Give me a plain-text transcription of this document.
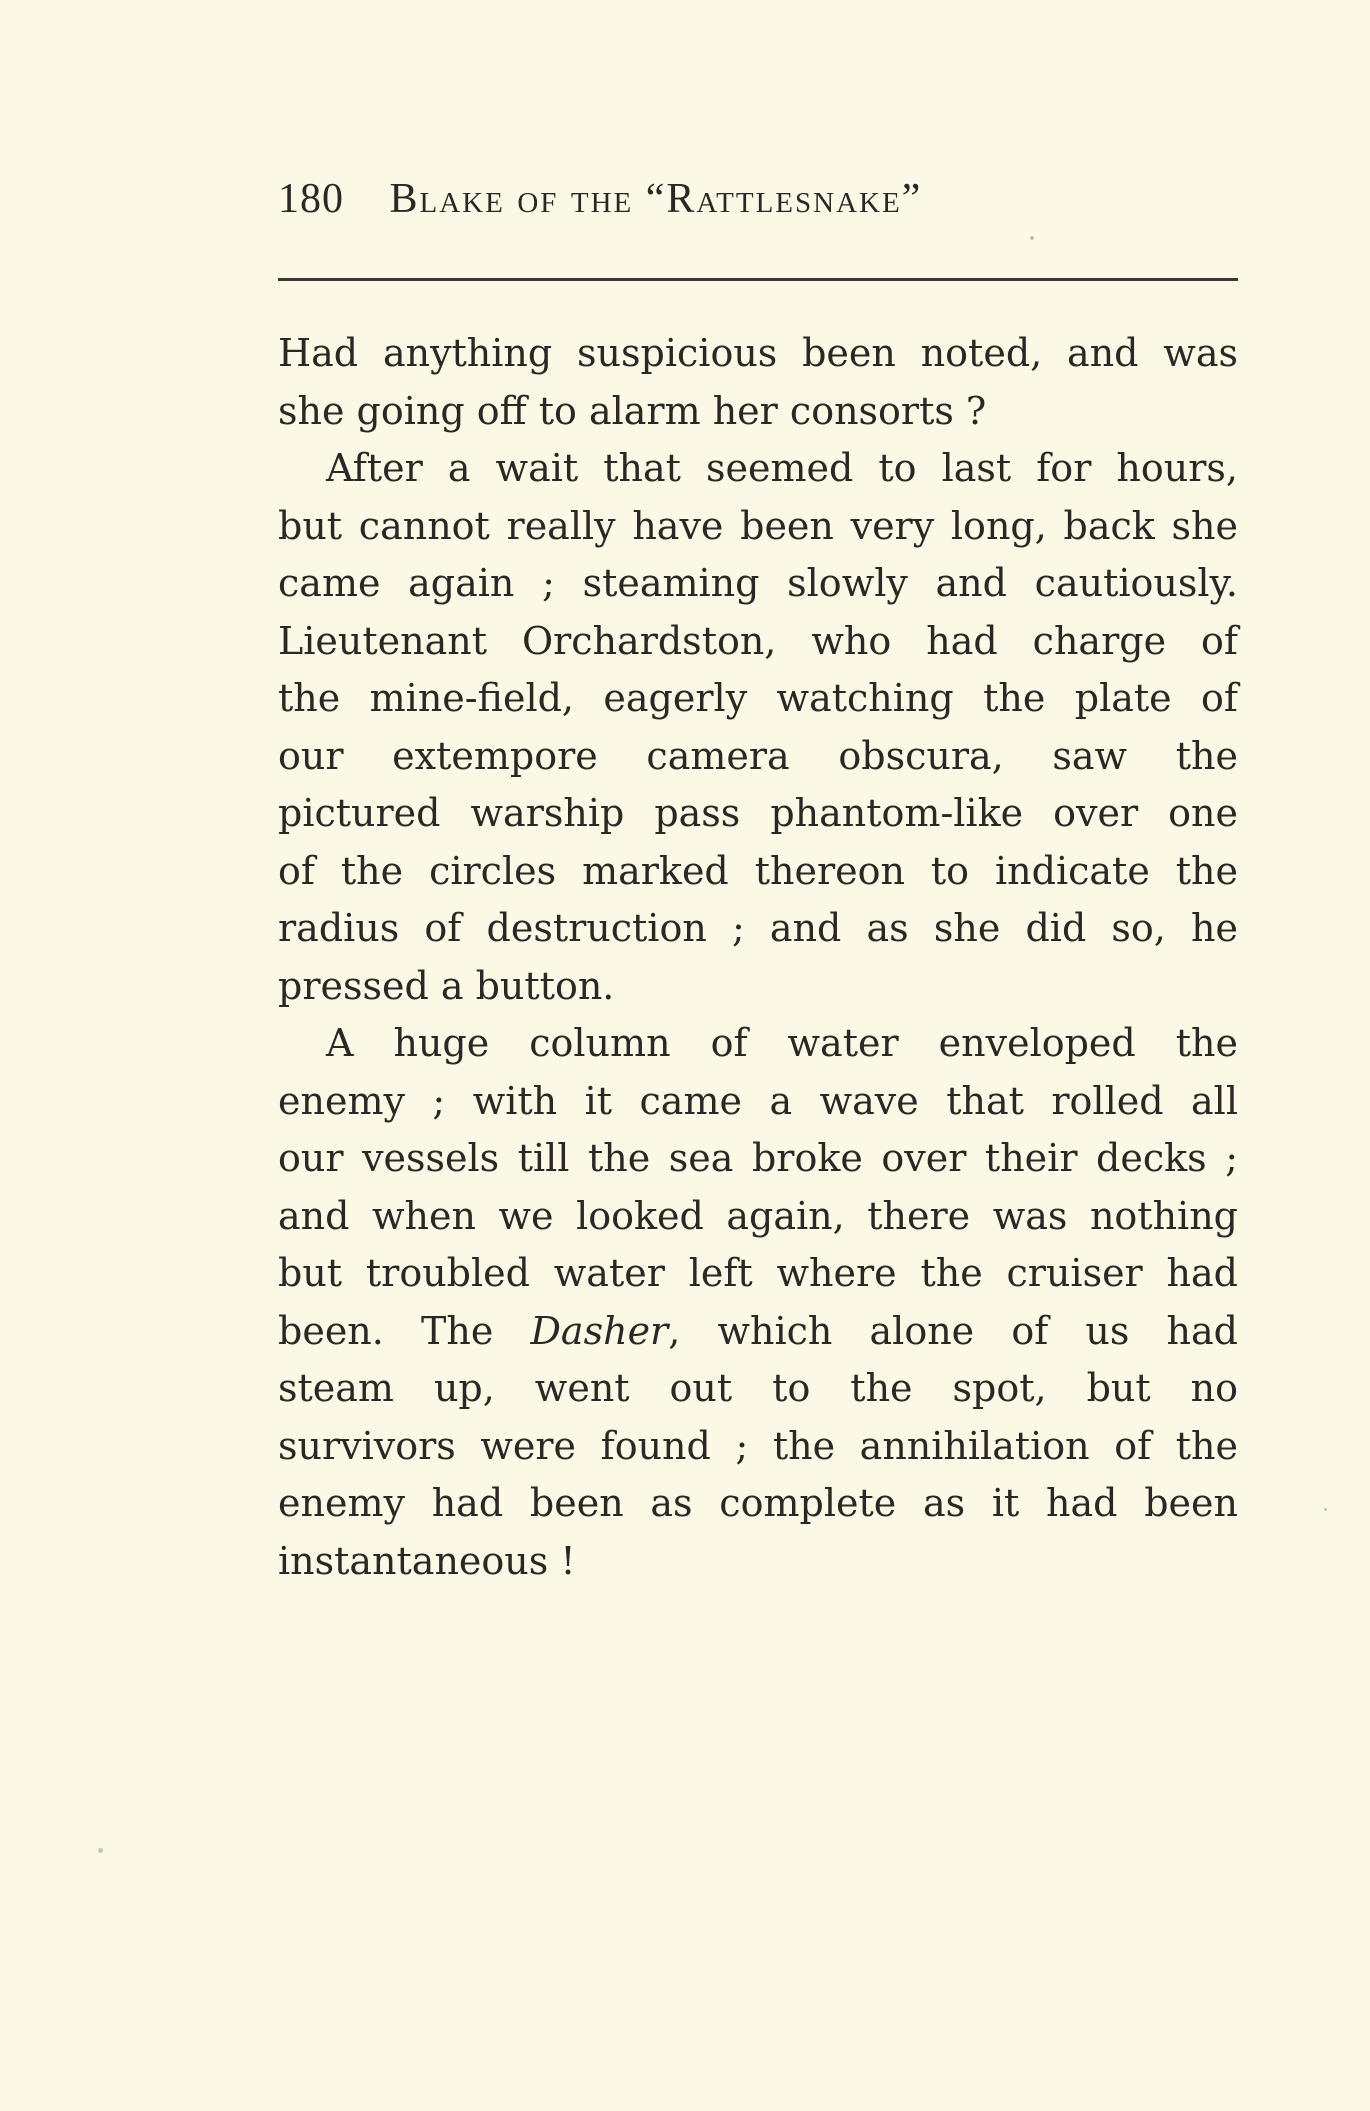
180 Blake of the “Rattlesnake”
Had anything suspicious been noted, and was
she going off to alarm her consorts ?
After a wait that seemed to last for hours,
but cannot really have been very long, back she
came again ; steaming slowly and cautiously.
Lieutenant Orchardston, who had charge of
the mine-field, eagerly watching the plate of
our extempore camera obscura, saw the
pictured warship pass phantom-like over one
of the circles marked thereon to indicate the
radius of destruction ; and as she did so, he
pressed a button.
A huge column of water enveloped the
enemy ; with it came a wave that rolled all
our vessels till the sea broke over their decks ;
and when we looked again, there was nothing
but troubled water left where the cruiser had
been. The Dasher, which alone of us had
steam up, went out to the spot, but no
survivors were found ; the annihilation of the
enemy had been as complete as it had been
instantaneous !
